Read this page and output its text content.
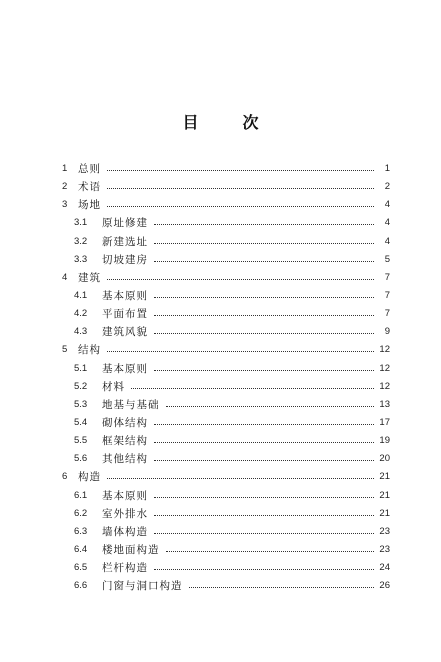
目　次
1	总则	1
2	术语	2
3	场地	4
3.1	原址修建	4
3.2	新建选址	4
3.3	切坡建房	5
4	建筑	7
4.1	基本原则	7
4.2	平面布置	7
4.3	建筑风貌	9
5	结构	12
5.1	基本原则	12
5.2	材料	12
5.3	地基与基础	13
5.4	砌体结构	17
5.5	框架结构	19
5.6	其他结构	20
6	构造	21
6.1	基本原则	21
6.2	室外排水	21
6.3	墙体构造	23
6.4	楼地面构造	23
6.5	栏杆构造	24
6.6	门窗与洞口构造	26
